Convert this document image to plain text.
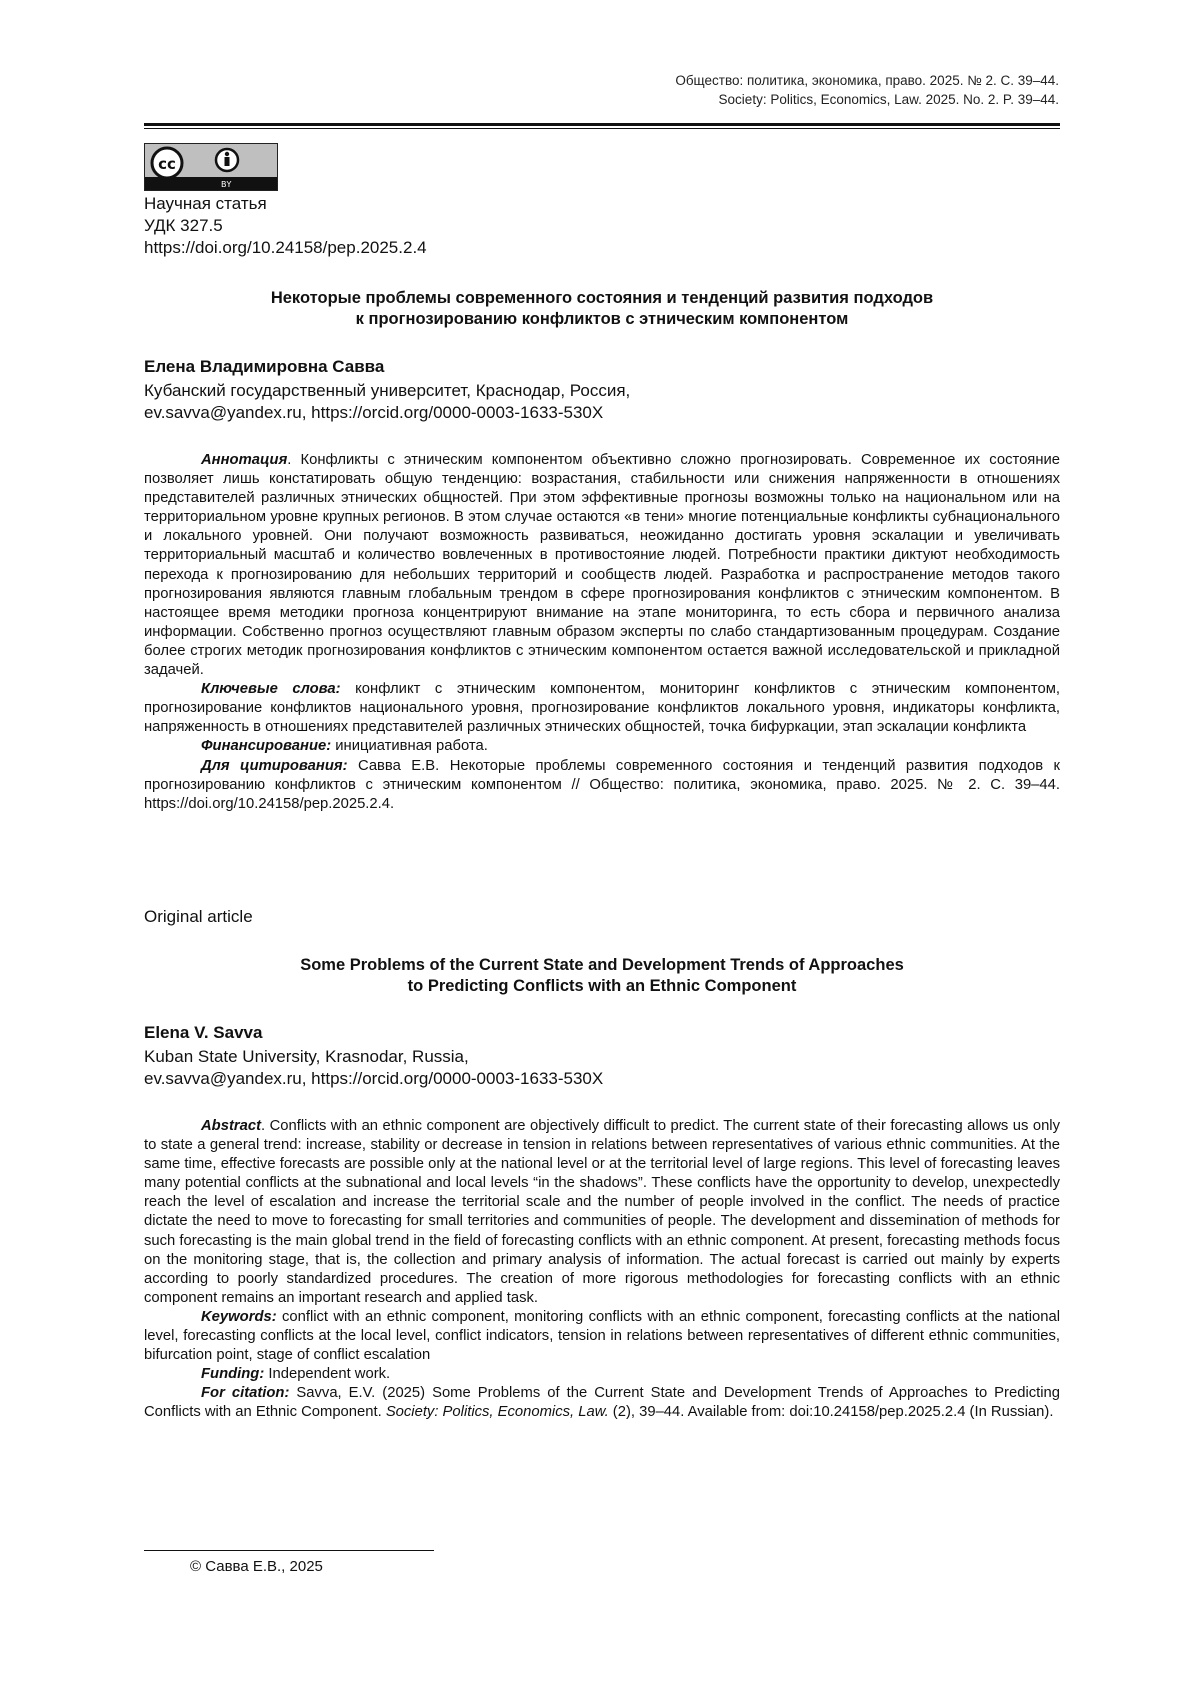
Общество: политика, экономика, право. 2025. № 2. С. 39–44.
Society: Politics, Economics, Law. 2025. No. 2. P. 39–44.
cc
BY
Научная статья
УДК 327.5
https://doi.org/10.24158/pep.2025.2.4
Некоторые проблемы современного состояния и тенденций развития подходов
к прогнозированию конфликтов с этническим компонентом
Елена Владимировна Савва
Кубанский государственный университет, Краснодар, Россия,
ev.savva@yandex.ru, https://orcid.org/0000-0003-1633-530X

Аннотация. Конфликты с этническим компонентом объективно сложно прогнозировать. Современное их состояние позволяет лишь констатировать общую тенденцию: возрастания, стабильности или снижения напряженности в отношениях представителей различных этнических общностей. При этом эффективные прогнозы возможны только на национальном или на территориальном уровне крупных регионов. В этом случае остаются «в тени» многие потенциальные конфликты субнационального и локального уровней. Они получают возможность развиваться, неожиданно достигать уровня эскалации и увеличивать территориальный масштаб и количество вовлеченных в противостояние людей. Потребности практики диктуют необходимость перехода к прогнозированию для небольших территорий и сообществ людей. Разработка и распространение методов такого прогнозирования являются главным глобальным трендом в сфере прогнозирования конфликтов с этническим компонентом. В настоящее время методики прогноза концентрируют внимание на этапе мониторинга, то есть сбора и первичного анализа информации. Собственно прогноз осуществляют главным образом эксперты по слабо стандартизованным процедурам. Создание более строгих методик прогнозирования конфликтов с этническим компонентом остается важной исследовательской и прикладной задачей.

Ключевые слова: конфликт с этническим компонентом, мониторинг конфликтов с этническим компонентом, прогнозирование конфликтов национального уровня, прогнозирование конфликтов локального уровня, индикаторы конфликта, напряженность в отношениях представителей различных этнических общностей, точка бифуркации, этап эскалации конфликта

Финансирование: инициативная работа.

Для цитирования: Савва Е.В. Некоторые проблемы современного состояния и тенденций развития подходов к прогнозированию конфликтов с этническим компонентом // Общество: политика, экономика, право. 2025. № 2. С. 39–44. https://doi.org/10.24158/pep.2025.2.4.

Original article
Some Problems of the Current State and Development Trends of Approaches
to Predicting Conflicts with an Ethnic Component
Elena V. Savva
Kuban State University, Krasnodar, Russia,
ev.savva@yandex.ru, https://orcid.org/0000-0003-1633-530X

Abstract. Conflicts with an ethnic component are objectively difficult to predict. The current state of their forecasting allows us only to state a general trend: increase, stability or decrease in tension in relations between representatives of various ethnic communities. At the same time, effective forecasts are possible only at the national level or at the territorial level of large regions. This level of forecasting leaves many potential conflicts at the subnational and local levels “in the shadows”. These conflicts have the opportunity to develop, unexpectedly reach the level of escalation and increase the territorial scale and the number of people involved in the conflict. The needs of practice dictate the need to move to forecasting for small territories and communities of people. The development and dissemination of methods for such forecasting is the main global trend in the field of forecasting conflicts with an ethnic component. At present, forecasting methods focus on the monitoring stage, that is, the collection and primary analysis of information. The actual forecast is carried out mainly by experts according to poorly standardized procedures. The creation of more rigorous methodologies for forecasting conflicts with an ethnic component remains an important research and applied task.

Keywords: conflict with an ethnic component, monitoring conflicts with an ethnic component, forecasting conflicts at the national level, forecasting conflicts at the local level, conflict indicators, tension in relations between representatives of different ethnic communities, bifurcation point, stage of conflict escalation

Funding: Independent work.

For citation: Savva, E.V. (2025) Some Problems of the Current State and Development Trends of Approaches to Predicting Conflicts with an Ethnic Component. Society: Politics, Economics, Law. (2), 39–44. Available from: doi:10.24158/pep.2025.2.4 (In Russian).

© Савва Е.В., 2025
